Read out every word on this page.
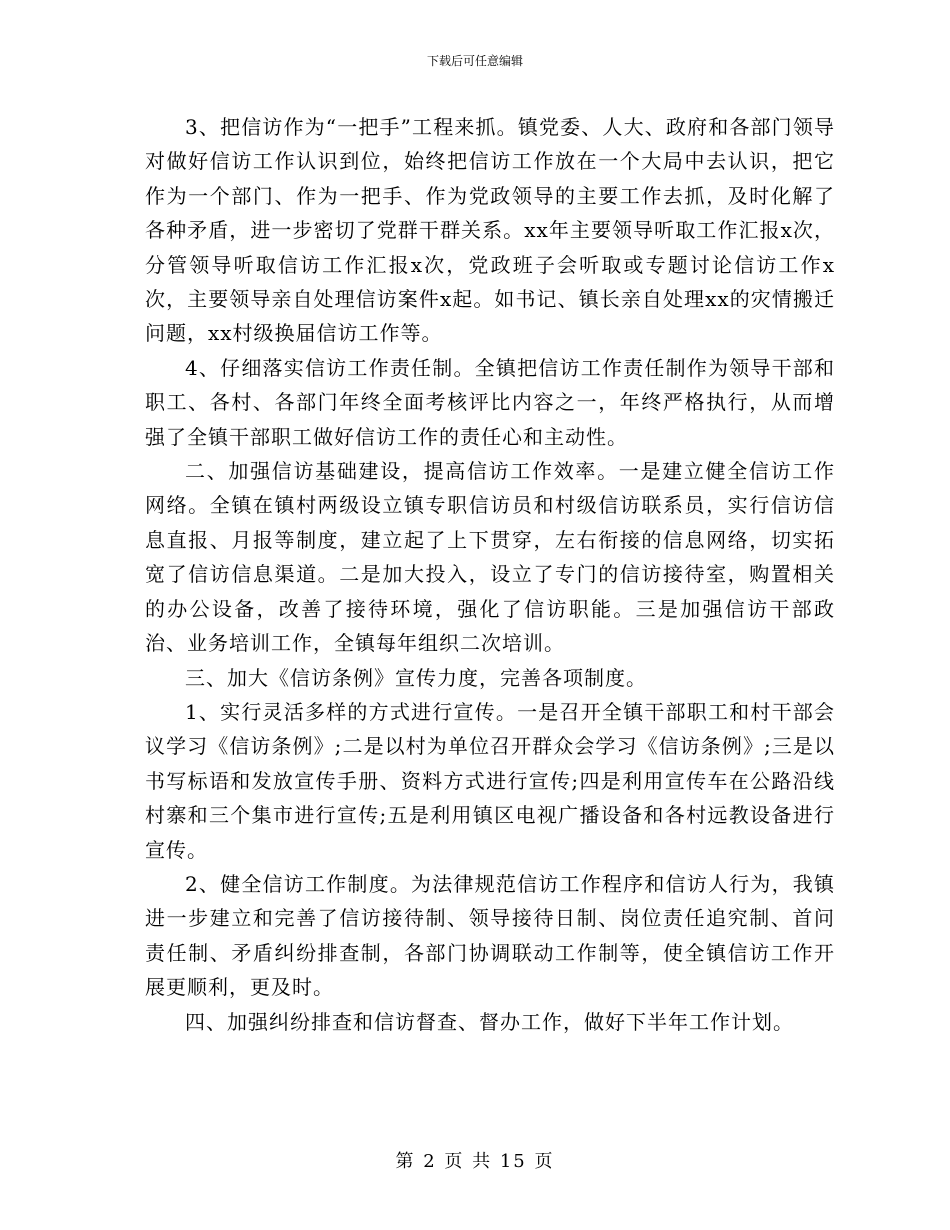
下载后可任意编辑

3、把信访作为“一把手”工程来抓。镇党委、人大、政府和各部门领导对做好信访工作认识到位，始终把信访工作放在一个大局中去认识，把它作为一个部门、作为一把手、作为党政领导的主要工作去抓，及时化解了各种矛盾，进一步密切了党群干群关系。xx年主要领导听取工作汇报x次，分管领导听取信访工作汇报x次，党政班子会听取或专题讨论信访工作x次，主要领导亲自处理信访案件x起。如书记、镇长亲自处理xx的灾情搬迁问题，xx村级换届信访工作等。

4、仔细落实信访工作责任制。全镇把信访工作责任制作为领导干部和职工、各村、各部门年终全面考核评比内容之一，年终严格执行，从而增强了全镇干部职工做好信访工作的责任心和主动性。

二、加强信访基础建设，提高信访工作效率。一是建立健全信访工作网络。全镇在镇村两级设立镇专职信访员和村级信访联系员，实行信访信息直报、月报等制度，建立起了上下贯穿，左右衔接的信息网络，切实拓宽了信访信息渠道。二是加大投入，设立了专门的信访接待室，购置相关的办公设备，改善了接待环境，强化了信访职能。三是加强信访干部政治、业务培训工作，全镇每年组织二次培训。

三、加大《信访条例》宣传力度，完善各项制度。

1、实行灵活多样的方式进行宣传。一是召开全镇干部职工和村干部会议学习《信访条例》;二是以村为单位召开群众会学习《信访条例》;三是以书写标语和发放宣传手册、资料方式进行宣传;四是利用宣传车在公路沿线村寨和三个集市进行宣传;五是利用镇区电视广播设备和各村远教设备进行宣传。

2、健全信访工作制度。为法律规范信访工作程序和信访人行为，我镇进一步建立和完善了信访接待制、领导接待日制、岗位责任追究制、首问责任制、矛盾纠纷排查制，各部门协调联动工作制等，使全镇信访工作开展更顺利，更及时。

四、加强纠纷排查和信访督查、督办工作，做好下半年工作计划。

第 2 页 共 15 页
